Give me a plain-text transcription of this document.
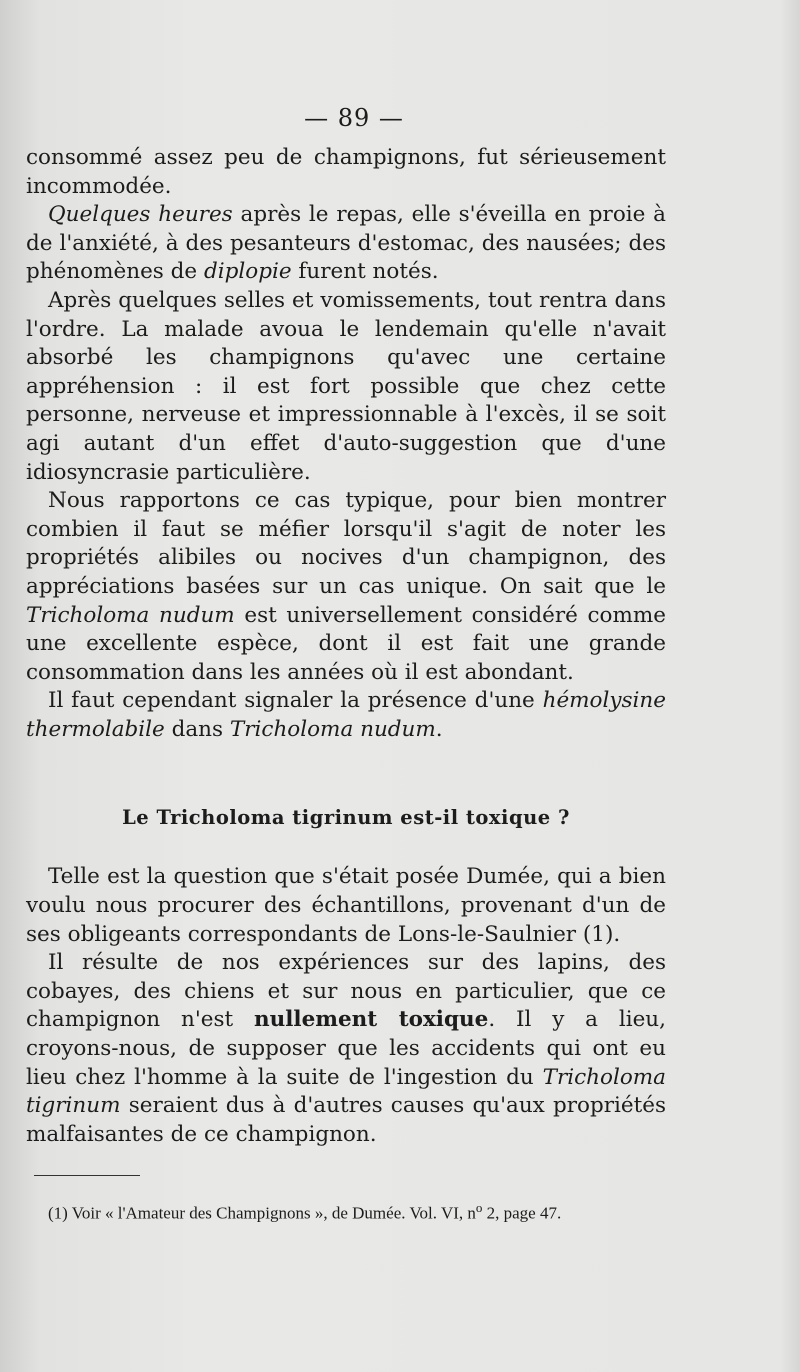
— 89 —

consommé assez peu de champignons, fut sérieusement incommodée.

Quelques heures après le repas, elle s'éveilla en proie à de l'anxiété, à des pesanteurs d'estomac, des nausées; des phénomènes de diplopie furent notés.

Après quelques selles et vomissements, tout rentra dans l'ordre. La malade avoua le lendemain qu'elle n'avait absorbé les champignons qu'avec une certaine appréhension : il est fort possible que chez cette personne, nerveuse et impressionnable à l'excès, il se soit agi autant d'un effet d'auto-suggestion que d'une idiosyncrasie particulière.

Nous rapportons ce cas typique, pour bien montrer combien il faut se méfier lorsqu'il s'agit de noter les propriétés alibiles ou nocives d'un champignon, des appréciations basées sur un cas unique. On sait que le Tricholoma nudum est universellement considéré comme une excellente espèce, dont il est fait une grande consommation dans les années où il est abondant.

Il faut cependant signaler la présence d'une hémolysine thermolabile dans Tricholoma nudum.

Le Tricholoma tigrinum est-il toxique ?

Telle est la question que s'était posée Dumée, qui a bien voulu nous procurer des échantillons, provenant d'un de ses obligeants correspondants de Lons-le-Saulnier (1).

Il résulte de nos expériences sur des lapins, des cobayes, des chiens et sur nous en particulier, que ce champignon n'est nullement toxique. Il y a lieu, croyons-nous, de supposer que les accidents qui ont eu lieu chez l'homme à la suite de l'ingestion du Tricholoma tigrinum seraient dus à d'autres causes qu'aux propriétés malfaisantes de ce champignon.

(1) Voir « l'Amateur des Champignons », de Dumée. Vol. VI, $n^o$ 2, page 47.
